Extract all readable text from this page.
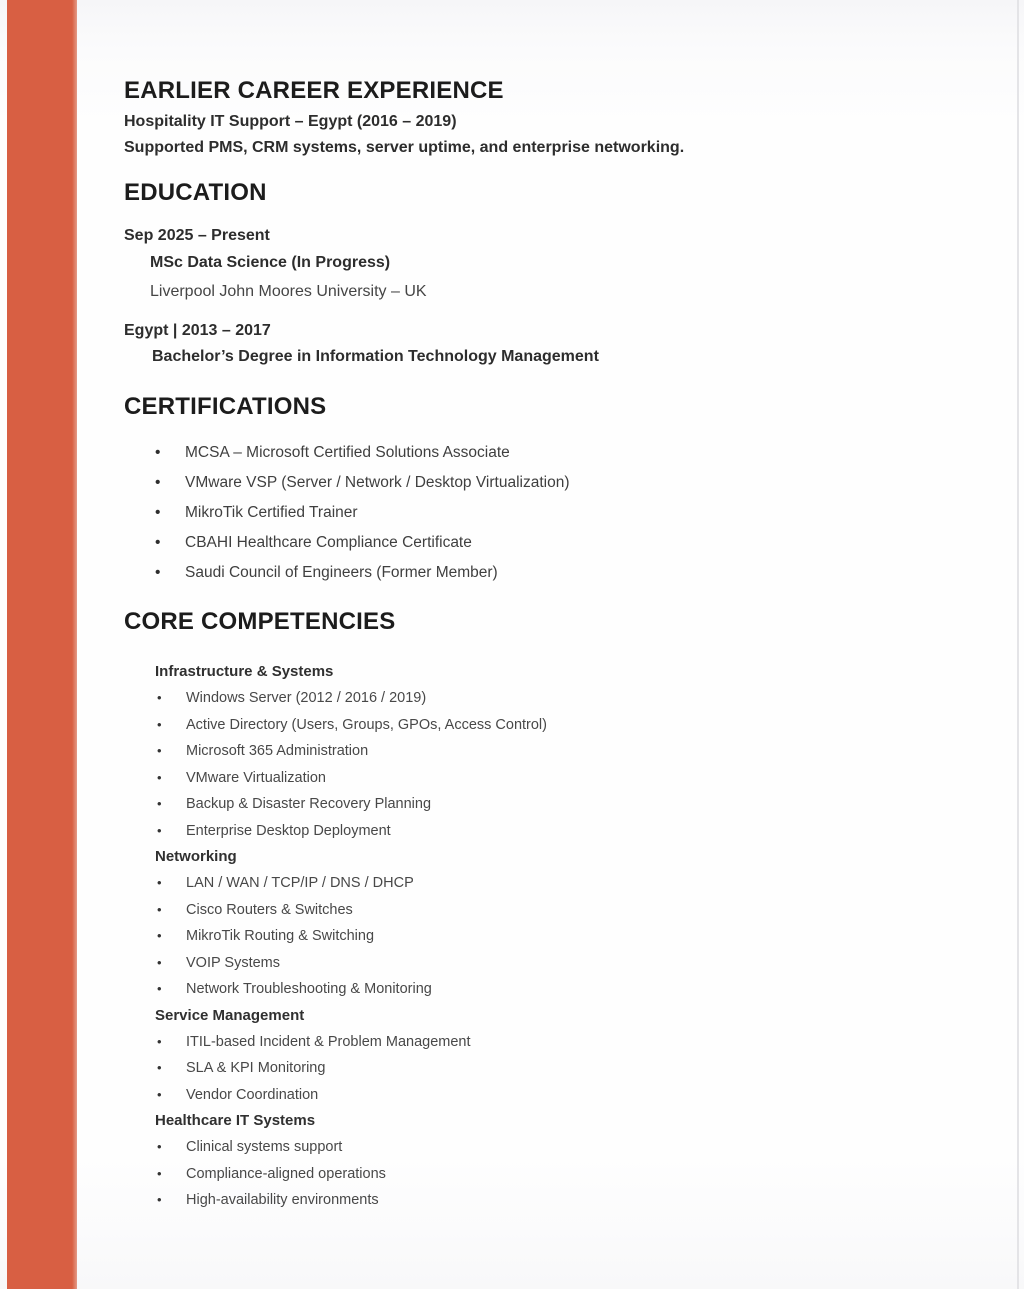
EARLIER CAREER EXPERIENCE

Hospitality IT Support – Egypt (2016 – 2019)

Supported PMS, CRM systems, server uptime, and enterprise networking.

EDUCATION

Sep 2025 – Present

MSc Data Science (In Progress)

Liverpool John Moores University – UK

Egypt | 2013 – 2017

Bachelor’s Degree in Information Technology Management

CERTIFICATIONS
• MCSA – Microsoft Certified Solutions Associate
• VMware VSP (Server / Network / Desktop Virtualization)
• MikroTik Certified Trainer
• CBAHI Healthcare Compliance Certificate
• Saudi Council of Engineers (Former Member)
CORE COMPETENCIES

Infrastructure & Systems

• Windows Server (2012 / 2016 / 2019)
• Active Directory (Users, Groups, GPOs, Access Control)
• Microsoft 365 Administration
• VMware Virtualization
• Backup & Disaster Recovery Planning
• Enterprise Desktop Deployment

Networking

• LAN / WAN / TCP/IP / DNS / DHCP
• Cisco Routers & Switches
• MikroTik Routing & Switching
• VOIP Systems
• Network Troubleshooting & Monitoring

Service Management

• ITIL-based Incident & Problem Management
• SLA & KPI Monitoring
• Vendor Coordination

Healthcare IT Systems

• Clinical systems support
• Compliance-aligned operations
• High-availability environments
